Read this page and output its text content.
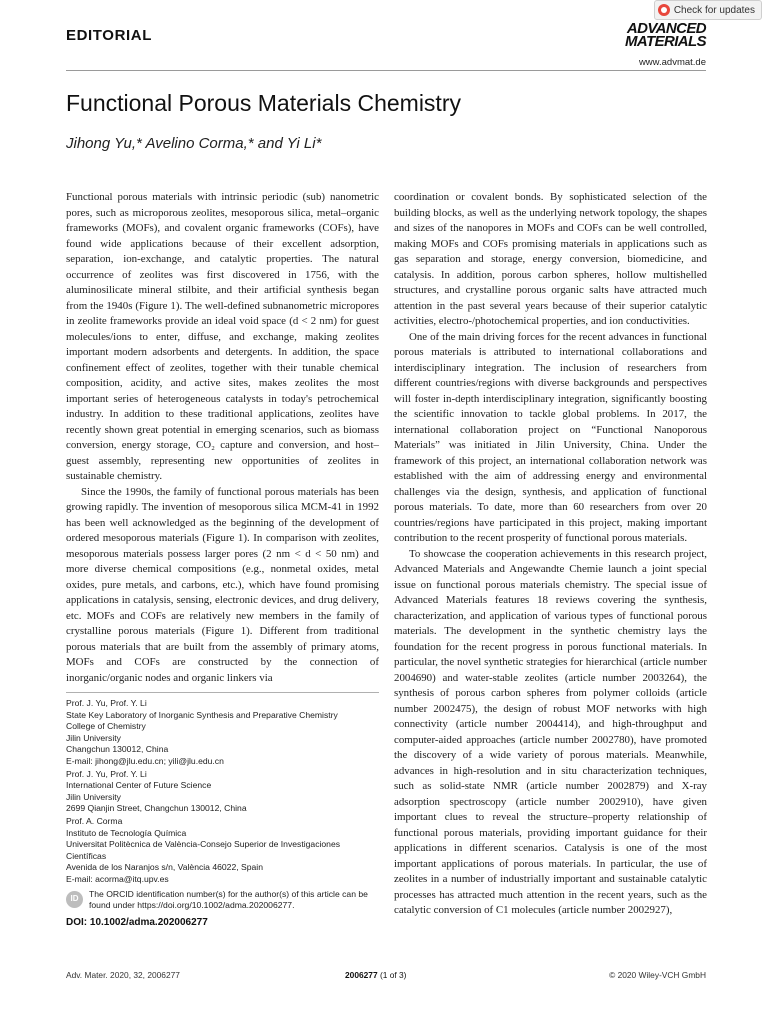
Check for updates
EDITORIAL	ADVANCED
MATERIALS
www.advmat.de
Functional Porous Materials Chemistry
Jihong Yu,* Avelino Corma,* and Yi Li*

Functional porous materials with intrinsic periodic (sub) nanometric pores, such as microporous zeolites, mesoporous silica, metal–organic frameworks (MOFs), and covalent organic frameworks (COFs), have found wide applications because of their excellent adsorption, separation, ion-exchange, and catalytic properties. The natural occurrence of zeolites was first discovered in 1756, with the aluminosilicate mineral stilbite, and their artificial synthesis began from the 1940s (Figure 1). The well-defined subnanometric micropores in zeolite frameworks provide an ideal void space (d < 2 nm) for guest molecules/ions to enter, diffuse, and exchange, making zeolites important modern adsorbents and detergents. In addition, the space confinement effect of zeolites, together with their tunable chemical composition, acidity, and active sites, makes zeolites the most important series of heterogeneous catalysts in today's petrochemical industry. In addition to these traditional applications, zeolites have recently shown great potential in emerging scenarios, such as biomass conversion, energy storage, CO₂ capture and conversion, and host–guest assembly, representing new opportunities of zeolites in sustainable chemistry.

Since the 1990s, the family of functional porous materials has been growing rapidly. The invention of mesoporous silica MCM-41 in 1992 has been well acknowledged as the beginning of the development of ordered mesoporous materials (Figure 1). In comparison with zeolites, mesoporous materials possess larger pores (2 nm < d < 50 nm) and more diverse chemical compositions (e.g., nonmetal oxides, metal oxides, pure metals, and carbons, etc.), which have found promising applications in catalysis, sensing, electronic devices, and drug delivery, etc. MOFs and COFs are relatively new members in the family of crystalline porous materials (Figure 1). Different from traditional porous materials that are built from the assembly of primary atoms, MOFs and COFs are constructed by the connection of inorganic/organic nodes and organic linkers via

coordination or covalent bonds. By sophisticated selection of the building blocks, as well as the underlying network topology, the shapes and sizes of the nanopores in MOFs and COFs can be well controlled, making MOFs and COFs promising materials in applications such as gas separation and storage, energy conversion, biomedicine, and catalysis. In addition, porous carbon spheres, hollow multishelled structures, and crystalline porous organic salts have attracted much attention in the past several years because of their superior catalytic activities, electro-/photochemical properties, and ion conductivities.

One of the main driving forces for the recent advances in functional porous materials is attributed to international collaborations and interdisciplinary integration. The inclusion of researchers from different countries/regions with diverse backgrounds and perspectives will foster in-depth interdisciplinary integration, significantly boosting the scientific innovation to tackle global problems. In 2017, the international collaboration project on “Functional Nanoporous Materials” was initiated in Jilin University, China. Under the framework of this project, an international collaboration network was established with the aim of addressing energy and environmental challenges via the design, synthesis, and application of functional porous materials. To date, more than 60 researchers from over 20 countries/regions have participated in this project, making important contribution to the recent prosperity of functional porous materials.

To showcase the cooperation achievements in this research project, Advanced Materials and Angewandte Chemie launch a joint special issue on functional porous materials chemistry. The special issue of Advanced Materials features 18 reviews covering the synthesis, characterization, and application of various types of functional porous materials. The development in the synthetic chemistry lays the foundation for the recent progress in porous functional materials. In particular, the novel synthetic strategies for hierarchical (article number 2004690) and water-stable zeolites (article number 2003264), the synthesis of porous carbon spheres from polymer colloids (article number 2002475), the design of robust MOF networks with high connectivity (article number 2004414), and high-throughput and computer-aided approaches (article number 2002780), have promoted the discovery of a wide variety of porous materials. Meanwhile, advances in high-resolution and in situ characterization techniques, such as solid-state NMR (article number 2002879) and X-ray adsorption spectroscopy (article number 2002910), have given important clues to reveal the structure–property relationship of functional porous materials, providing important guidance for their applications in different scenarios. Catalysis is one of the most important applications of porous materials. In particular, the use of zeolites in a number of industrially important and sustainable catalytic processes has attracted much attention in the recent years, such as the catalytic conversion of C1 molecules (article number 2002927),

Prof. J. Yu, Prof. Y. Li
State Key Laboratory of Inorganic Synthesis and Preparative Chemistry
College of Chemistry
Jilin University
Changchun 130012, China
E-mail: jihong@jlu.edu.cn; yili@jlu.edu.cn
Prof. J. Yu, Prof. Y. Li
International Center of Future Science
Jilin University
2699 Qianjin Street, Changchun 130012, China
Prof. A. Corma
Instituto de Tecnología Química
Universitat Politècnica de València-Consejo Superior de Investigaciones Científicas
Avenida de los Naranjos s/n, València 46022, Spain
E-mail: acorma@itq.upv.es
ID
The ORCID identification number(s) for the author(s) of this article can be found under https://doi.org/10.1002/adma.202006277.
DOI: 10.1002/adma.202006277
Adv. Mater. 2020, 32, 2006277	2006277 (1 of 3)	© 2020 Wiley-VCH GmbH
